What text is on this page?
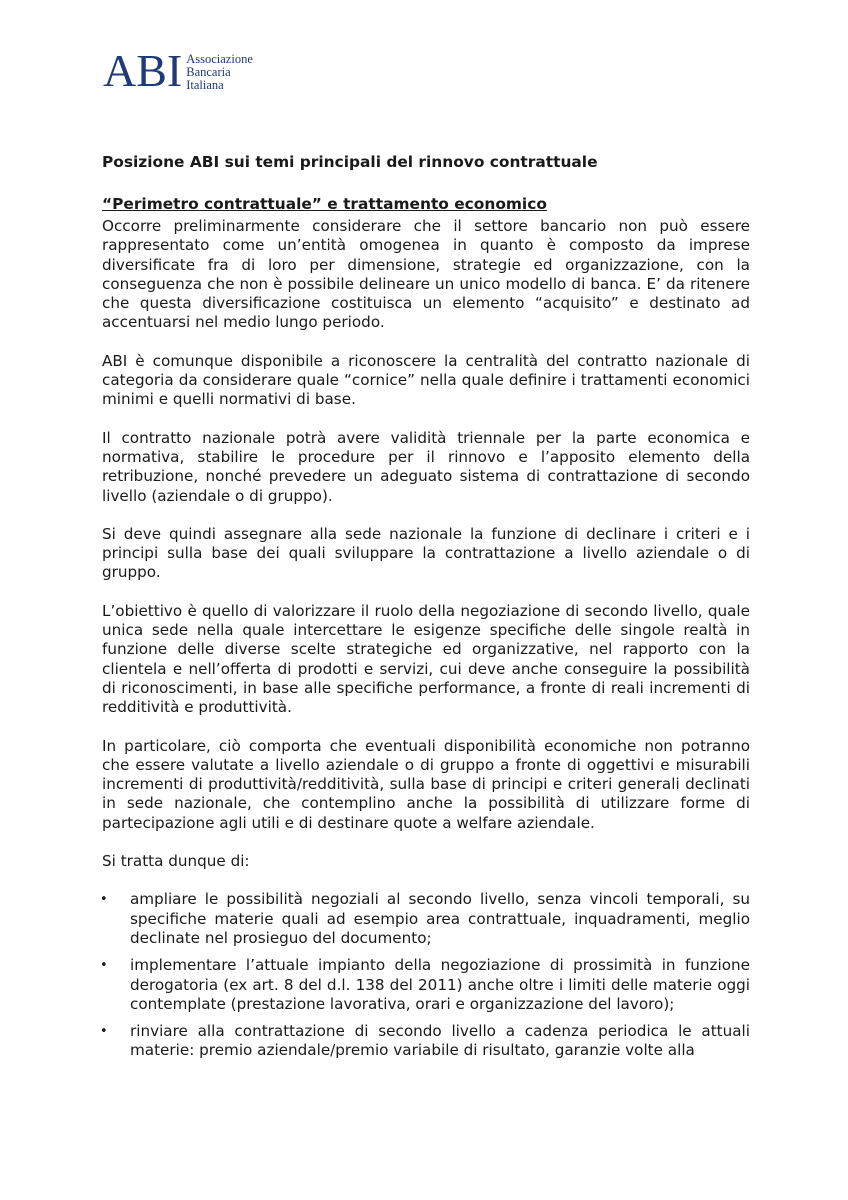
ABI Associazione
Bancaria
Italiana
Posizione ABI sui temi principali del rinnovo contrattuale
“Perimetro contrattuale” e trattamento economico

Occorre preliminarmente considerare che il settore bancario non può essere rappresentato come un’entità omogenea in quanto è composto da imprese diversificate fra di loro per dimensione, strategie ed organizzazione, con la conseguenza che non è possibile delineare un unico modello di banca. E’ da ritenere che questa diversificazione costituisca un elemento “acquisito” e destinato ad accentuarsi nel medio lungo periodo.

ABI è comunque disponibile a riconoscere la centralità del contratto nazionale di categoria da considerare quale “cornice” nella quale definire i trattamenti economici minimi e quelli normativi di base.

Il contratto nazionale potrà avere validità triennale per la parte economica e normativa, stabilire le procedure per il rinnovo e l’apposito elemento della retribuzione, nonché prevedere un adeguato sistema di contrattazione di secondo livello (aziendale o di gruppo).

Si deve quindi assegnare alla sede nazionale la funzione di declinare i criteri e i principi sulla base dei quali sviluppare la contrattazione a livello aziendale o di gruppo.

L’obiettivo è quello di valorizzare il ruolo della negoziazione di secondo livello, quale unica sede nella quale intercettare le esigenze specifiche delle singole realtà in funzione delle diverse scelte strategiche ed organizzative, nel rapporto con la clientela e nell’offerta di prodotti e servizi, cui deve anche conseguire la possibilità di riconoscimenti, in base alle specifiche performance, a fronte di reali incrementi di redditività e produttività.

In particolare, ciò comporta che eventuali disponibilità economiche non potranno che essere valutate a livello aziendale o di gruppo a fronte di oggettivi e misurabili incrementi di produttività/redditività, sulla base di principi e criteri generali declinati in sede nazionale, che contemplino anche la possibilità di utilizzare forme di partecipazione agli utili e di destinare quote a welfare aziendale.

Si tratta dunque di:

• ampliare le possibilità negoziali al secondo livello, senza vincoli temporali, su specifiche materie quali ad esempio area contrattuale, inquadramenti, meglio declinate nel prosieguo del documento;
• implementare l’attuale impianto della negoziazione di prossimità in funzione derogatoria (ex art. 8 del d.l. 138 del 2011) anche oltre i limiti delle materie oggi contemplate (prestazione lavorativa, orari e organizzazione del lavoro);
• rinviare alla contrattazione di secondo livello a cadenza periodica le attuali materie: premio aziendale/premio variabile di risultato, garanzie volte alla
